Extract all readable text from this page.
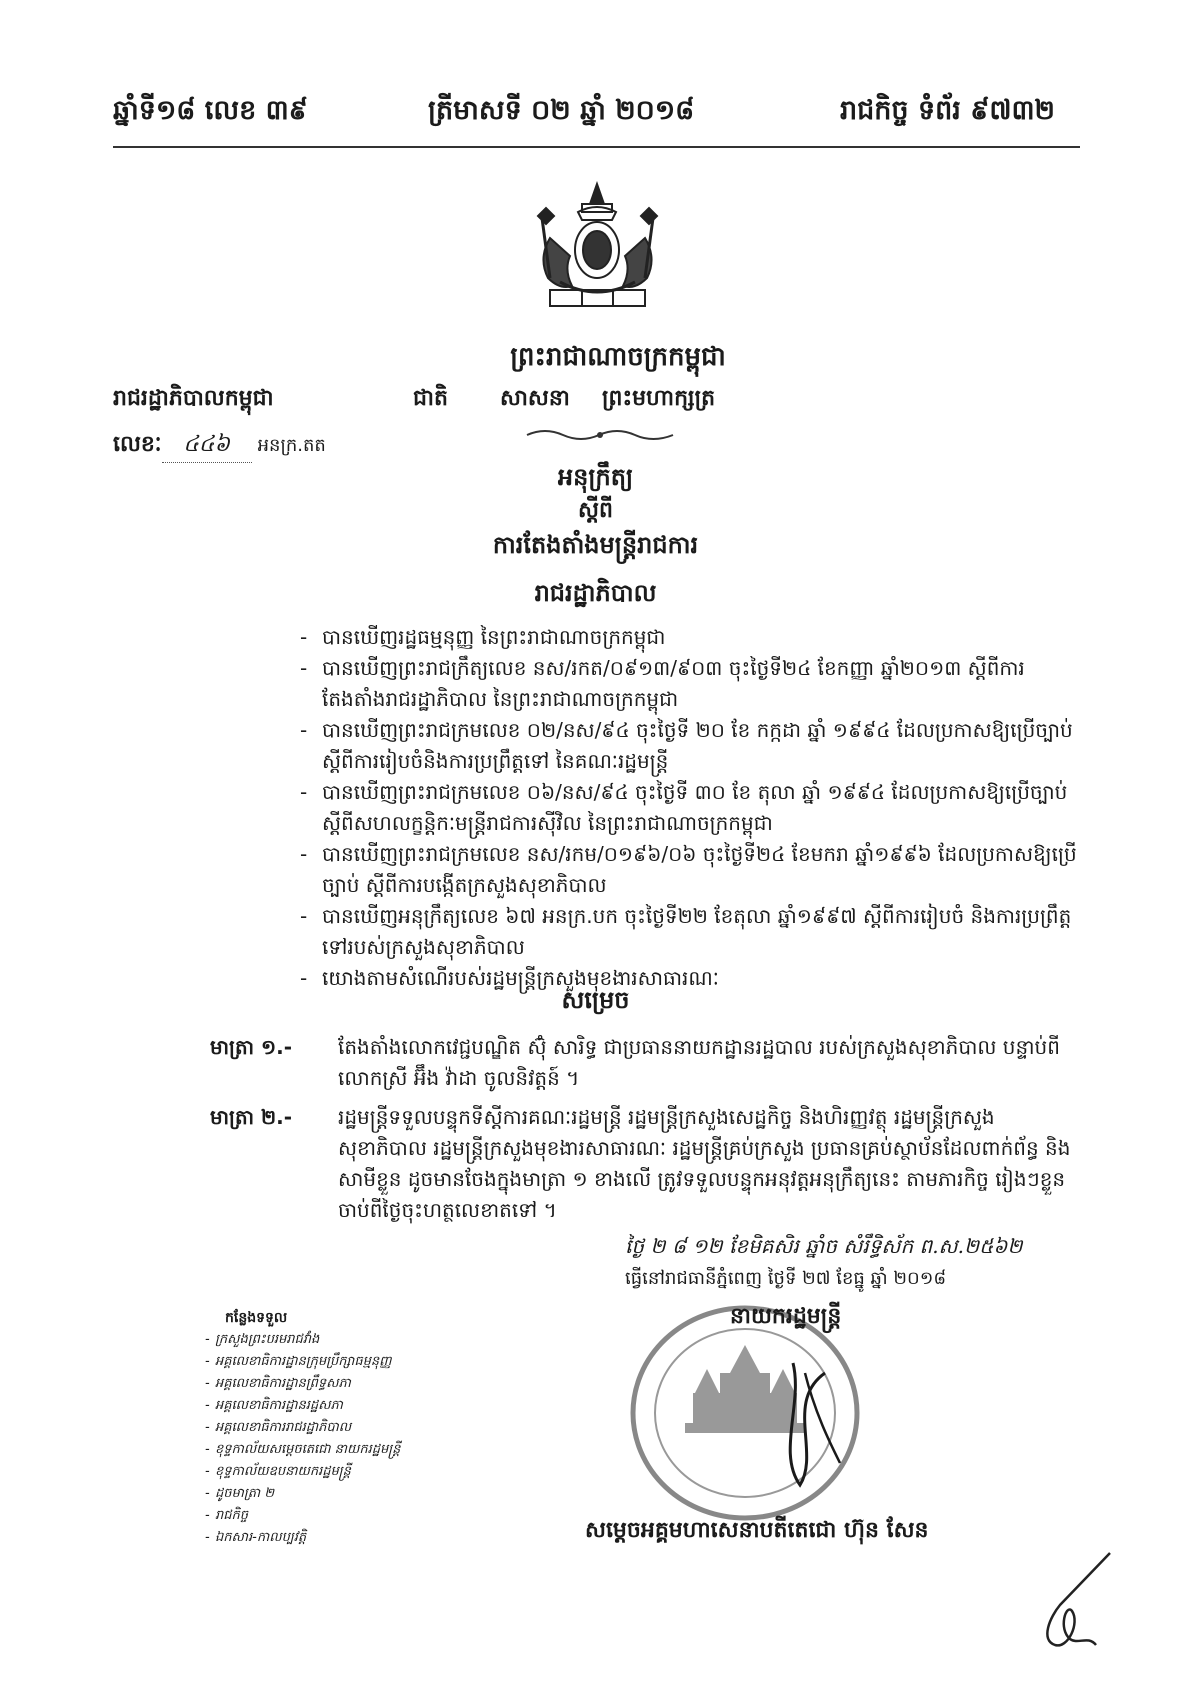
ឆ្នាំទី១៨ លេខ ៣៩	ត្រីមាសទី ០២ ឆ្នាំ ២០១៨	រាជកិច្ច ទំព័រ ៩៧៣២
ព្រះរាជាណាចក្រកម្ពុជា
ជាតិ សាសនា ព្រះមហាក្សត្រ
រាជរដ្ឋាភិបាលកម្ពុជា
លេខៈ ៤៤៦ អនក្រ.តត
អនុក្រឹត្យ
ស្តីពី
ការតែងតាំងមន្ត្រីរាជការ
រាជរដ្ឋាភិបាល
- បានឃើញរដ្ឋធម្មនុញ្ញ នៃព្រះរាជាណាចក្រកម្ពុជា
- បានឃើញព្រះរាជក្រឹត្យលេខ នស/រកត/០៩១៣/៩០៣ ចុះថ្ងៃទី២៤ ខែកញ្ញា ឆ្នាំ២០១៣ ស្តីពីការតែងតាំងរាជរដ្ឋាភិបាល នៃព្រះរាជាណាចក្រកម្ពុជា
- បានឃើញព្រះរាជក្រមលេខ ០២/នស/៩៤ ចុះថ្ងៃទី ២០ ខែ កក្កដា ឆ្នាំ ១៩៩៤ ដែលប្រកាសឱ្យប្រើច្បាប់ស្តីពីការរៀបចំនិងការប្រព្រឹត្តទៅ នៃគណៈរដ្ឋមន្ត្រី
- បានឃើញព្រះរាជក្រមលេខ ០៦/នស/៩៤ ចុះថ្ងៃទី ៣០ ខែ តុលា ឆ្នាំ ១៩៩៤ ដែលប្រកាសឱ្យប្រើច្បាប់ ស្តីពីសហលក្ខន្តិកៈមន្ត្រីរាជការស៊ីវិល នៃព្រះរាជាណាចក្រកម្ពុជា
- បានឃើញព្រះរាជក្រមលេខ នស/រកម/០១៩៦/០៦ ចុះថ្ងៃទី២៤ ខែមករា ឆ្នាំ១៩៩៦ ដែលប្រកាសឱ្យប្រើច្បាប់ ស្តីពីការបង្កើតក្រសួងសុខាភិបាល
- បានឃើញអនុក្រឹត្យលេខ ៦៧ អនក្រ.បក ចុះថ្ងៃទី២២ ខែតុលា ឆ្នាំ១៩៩៧ ស្តីពីការរៀបចំ និងការប្រព្រឹត្តទៅរបស់ក្រសួងសុខាភិបាល
- យោងតាមសំណើរបស់រដ្ឋមន្ត្រីក្រសួងមុខងារសាធារណៈ
សម្រេច
មាត្រា ១.- តែងតាំងលោកវេជ្ជបណ្ឌិត ស៊ុំ សារិទ្ធ ជាប្រធាននាយកដ្ឋានរដ្ឋបាល របស់ក្រសួងសុខាភិបាល បន្ទាប់ពីលោកស្រី អ៊ឹង វ៉ាដា ចូលនិវត្តន៍ ។
មាត្រា ២.- រដ្ឋមន្ត្រីទទួលបន្ទុកទីស្តីការគណៈរដ្ឋមន្ត្រី រដ្ឋមន្ត្រីក្រសួងសេដ្ឋកិច្ច និងហិរញ្ញវត្ថុ រដ្ឋមន្ត្រីក្រសួងសុខាភិបាល រដ្ឋមន្ត្រីក្រសួងមុខងារសាធារណៈ រដ្ឋមន្ត្រីគ្រប់ក្រសួង ប្រធានគ្រប់ស្ថាប័នដែលពាក់ព័ន្ធ និងសាមីខ្លួន ដូចមានចែងក្នុងមាត្រា ១ ខាងលើ ត្រូវទទួលបន្ទុកអនុវត្តអនុក្រឹត្យនេះ តាមភារកិច្ច រៀងៗខ្លួន ចាប់ពីថ្ងៃចុះហត្ថលេខាតទៅ ។
ថ្ងៃ ២ ៨ ១២ ខែមិគសិរ ឆ្នាំច សំរឹទ្ធិស័ក ព.ស.២៥៦២
ធ្វើនៅរាជធានីភ្នំពេញ ថ្ងៃទី ២៧ ខែធ្នូ ឆ្នាំ ២០១៨
នាយករដ្ឋមន្ត្រី
សម្តេចអគ្គមហាសេនាបតីតេជោ ហ៊ុន សែន
កន្លែងទទួល
- ក្រសួងព្រះបរមរាជវាំង
- អគ្គលេខាធិការដ្ឋានក្រុមប្រឹក្សាធម្មនុញ្ញ
- អគ្គលេខាធិការដ្ឋានព្រឹទ្ធសភា
- អគ្គលេខាធិការដ្ឋានរដ្ឋសភា
- អគ្គលេខាធិការរាជរដ្ឋាភិបាល
- ខុទ្ទកាល័យសម្តេចតេជោ នាយករដ្ឋមន្ត្រី
- ខុទ្ទកាល័យឧបនាយករដ្ឋមន្ត្រី
- ដូចមាត្រា ២
- រាជកិច្ច
- ឯកសារ-កាលប្បវត្តិ
